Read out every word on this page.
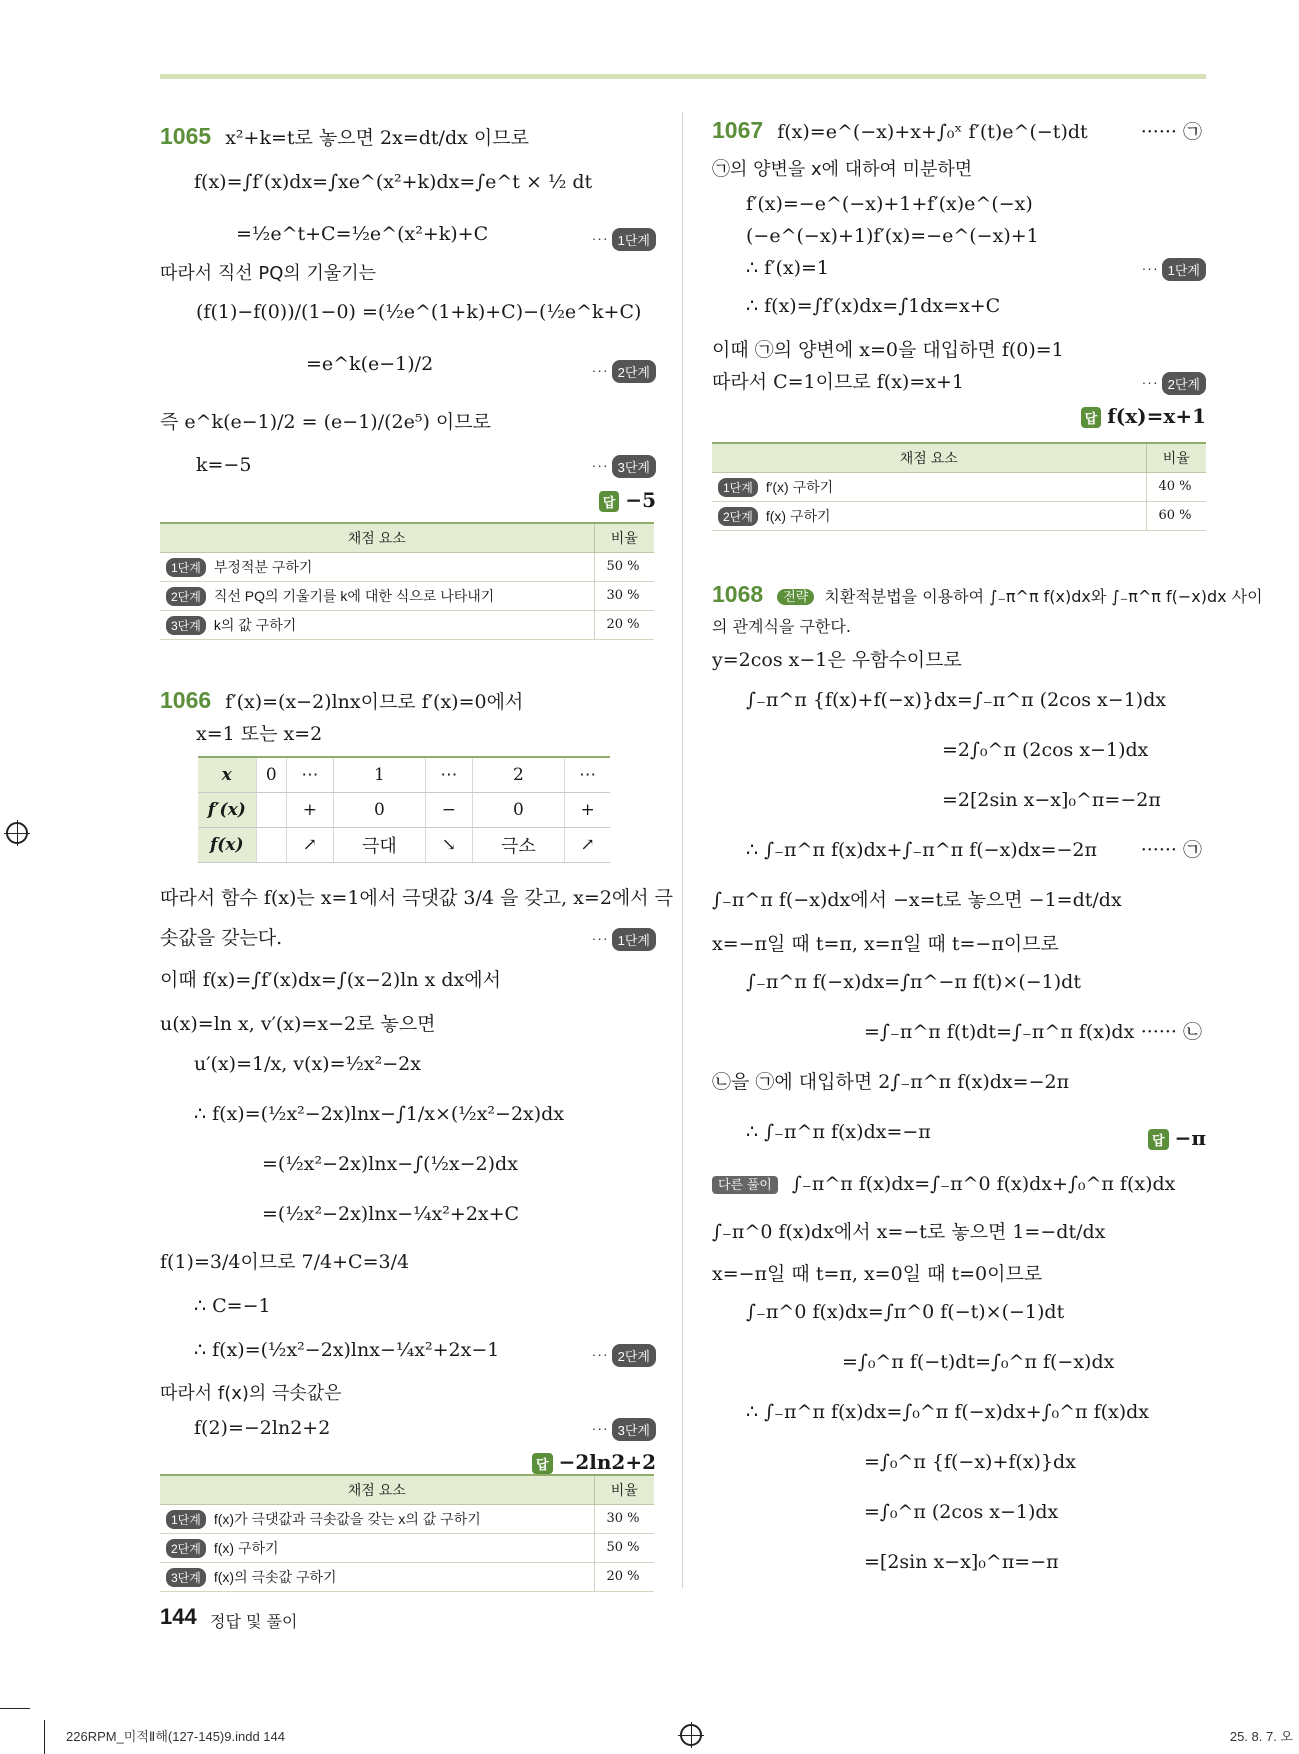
1065 x²+k=t로 놓으면 2x=dt/dx 이므로
f(x)=∫f′(x)dx=∫xe^(x²+k)dx=∫e^t × ½ dt
=½e^t+C=½e^(x²+k)+C	··· 1단계
따라서 직선 PQ의 기울기는
(f(1)−f(0))/(1−0) =(½e^(1+k)+C)−(½e^k+C)
=e^k(e−1)/2	··· 2단계
즉 e^k(e−1)/2 = (e−1)/(2e⁵) 이므로
k=−5	··· 3단계
답 −5
채점 요소	비율
1단계 부정적분 구하기	50 %
2단계 직선 PQ의 기울기를 k에 대한 식으로 나타내기	30 %
3단계 k의 값 구하기	20 %
1066 f′(x)=(x−2)lnx이므로 f′(x)=0에서
x=1 또는 x=2
x	0	⋯	1	⋯	2	⋯
f′(x)		+	0	−	0	+
f(x)		↗	극대	↘	극소	↗
따라서 함수 f(x)는 x=1에서 극댓값 3/4 을 갖고, x=2에서 극
솟값을 갖는다.	··· 1단계
이때 f(x)=∫f′(x)dx=∫(x−2)ln x dx에서
u(x)=ln x, v′(x)=x−2로 놓으면
u′(x)=1/x, v(x)=½x²−2x
∴ f(x)=(½x²−2x)lnx−∫1/x×(½x²−2x)dx
=(½x²−2x)lnx−∫(½x−2)dx
=(½x²−2x)lnx−¼x²+2x+C
f(1)=3/4이므로 7/4+C=3/4
∴ C=−1
∴ f(x)=(½x²−2x)lnx−¼x²+2x−1	··· 2단계
따라서 f(x)의 극솟값은
f(2)=−2ln2+2	··· 3단계
답 −2ln2+2
채점 요소	비율
1단계 f(x)가 극댓값과 극솟값을 갖는 x의 값 구하기	30 %
2단계 f(x) 구하기	50 %
3단계 f(x)의 극솟값 구하기	20 %
1067 f(x)=e^(−x)+x+∫₀ˣ f′(t)e^(−t)dt	······ ㉠
㉠의 양변을 x에 대하여 미분하면
f′(x)=−e^(−x)+1+f′(x)e^(−x)
(−e^(−x)+1)f′(x)=−e^(−x)+1
∴ f′(x)=1	··· 1단계
∴ f(x)=∫f′(x)dx=∫1dx=x+C
이때 ㉠의 양변에 x=0을 대입하면 f(0)=1
따라서 C=1이므로 f(x)=x+1	··· 2단계
답 f(x)=x+1
채점 요소	비율
1단계 f′(x) 구하기	40 %
2단계 f(x) 구하기	60 %
1068 전략 치환적분법을 이용하여 ∫₋π^π f(x)dx와 ∫₋π^π f(−x)dx 사이
의 관계식을 구한다.
y=2cos x−1은 우함수이므로
∫₋π^π {f(x)+f(−x)}dx=∫₋π^π (2cos x−1)dx
=2∫₀^π (2cos x−1)dx
=2[2sin x−x]₀^π=−2π
∴ ∫₋π^π f(x)dx+∫₋π^π f(−x)dx=−2π ······ ㉠
∫₋π^π f(−x)dx에서 −x=t로 놓으면 −1=dt/dx
x=−π일 때 t=π, x=π일 때 t=−π이므로
∫₋π^π f(−x)dx=∫π^−π f(t)×(−1)dt
=∫₋π^π f(t)dt=∫₋π^π f(x)dx ······ ㉡
㉡을 ㉠에 대입하면 2∫₋π^π f(x)dx=−2π
∴ ∫₋π^π f(x)dx=−π	답 −π
다른 풀이 ∫₋π^π f(x)dx=∫₋π^0 f(x)dx+∫₀^π f(x)dx
∫₋π^0 f(x)dx에서 x=−t로 놓으면 1=−dt/dx
x=−π일 때 t=π, x=0일 때 t=0이므로
∫₋π^0 f(x)dx=∫π^0 f(−t)×(−1)dt
=∫₀^π f(−t)dt=∫₀^π f(−x)dx
∴ ∫₋π^π f(x)dx=∫₀^π f(−x)dx+∫₀^π f(x)dx
=∫₀^π {f(−x)+f(x)}dx
=∫₀^π (2cos x−1)dx
=[2sin x−x]₀^π=−π
144 정답 및 풀이
226RPM_미적Ⅱ해(127-145)9.indd 144	25. 8. 7. 오
